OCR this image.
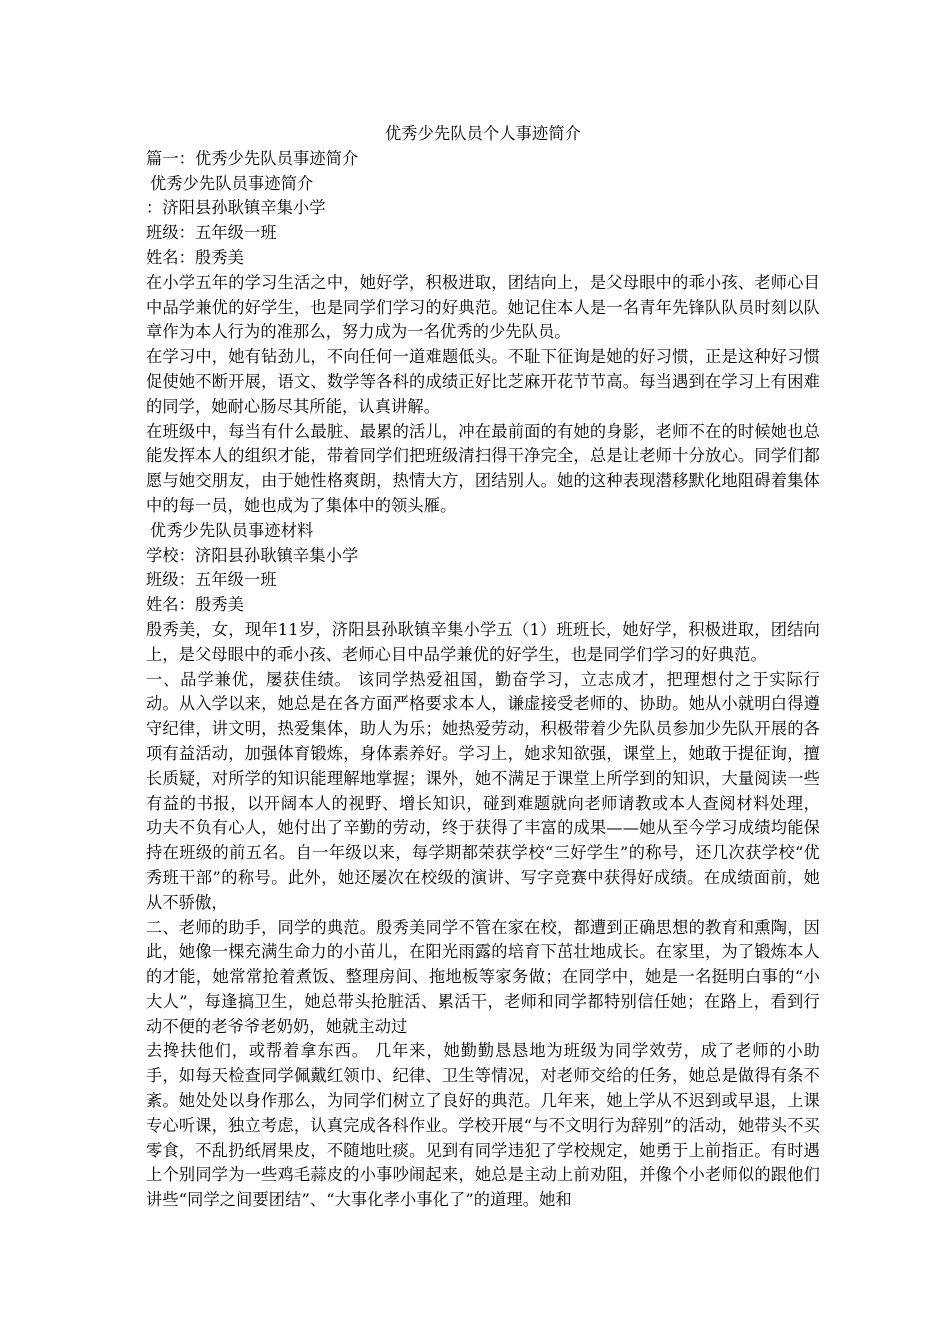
优秀少先队员个人事迹简介

篇一：优秀少先队员事迹简介

优秀少先队员事迹简介

：济阳县孙耿镇辛集小学

班级：五年级一班

姓名：殷秀美

在小学五年的学习生活之中，她好学，积极进取，团结向上，是父母眼中的乖小孩、老师心目中品学兼优的好学生，也是同学们学习的好典范。她记住本人是一名青年先锋队队员时刻以队章作为本人行为的准那么，努力成为一名优秀的少先队员。

在学习中，她有钻劲儿，不向任何一道难题低头。不耻下征询是她的好习惯，正是这种好习惯促使她不断开展，语文、数学等各科的成绩正好比芝麻开花节节高。每当遇到在学习上有困难的同学，她耐心肠尽其所能，认真讲解。

在班级中，每当有什么最脏、最累的活儿，冲在最前面的有她的身影，老师不在的时候她也总能发挥本人的组织才能，带着同学们把班级清扫得干净完全，总是让老师十分放心。同学们都愿与她交朋友，由于她性格爽朗，热情大方，团结别人。她的这种表现潜移默化地阻碍着集体中的每一员，她也成为了集体中的领头雁。

优秀少先队员事迹材料

学校：济阳县孙耿镇辛集小学

班级：五年级一班

姓名：殷秀美

殷秀美，女，现年11岁，济阳县孙耿镇辛集小学五（1）班班长，她好学，积极进取，团结向上，是父母眼中的乖小孩、老师心目中品学兼优的好学生，也是同学们学习的好典范。

一、品学兼优，屡获佳绩。 该同学热爱祖国，勤奋学习，立志成才，把理想付之于实际行动。从入学以来，她总是在各方面严格要求本人，谦虚接受老师的、协助。她从小就明白得遵守纪律，讲文明，热爱集体，助人为乐；她热爱劳动，积极带着少先队员参加少先队开展的各项有益活动，加强体育锻炼，身体素养好。学习上，她求知欲强，课堂上，她敢于提征询，擅长质疑，对所学的知识能理解地掌握；课外，她不满足于课堂上所学到的知识，大量阅读一些有益的书报，以开阔本人的视野、增长知识，碰到难题就向老师请教或本人查阅材料处理， 功夫不负有心人，她付出了辛勤的劳动，终于获得了丰富的成果——她从至今学习成绩均能保持在班级的前五名。自一年级以来，每学期都荣获学校“三好学生”的称号，还几次获学校“优秀班干部”的称号。此外，她还屡次在校级的演讲、写字竞赛中获得好成绩。在成绩面前，她从不骄傲，

二、老师的助手，同学的典范。殷秀美同学不管在家在校，都遭到正确思想的教育和熏陶，因此，她像一棵充满生命力的小苗儿，在阳光雨露的培育下茁壮地成长。在家里，为了锻炼本人的才能，她常常抢着煮饭、整理房间、拖地板等家务做；在同学中，她是一名挺明白事的“小大人”，每逢搞卫生，她总带头抢脏活、累活干，老师和同学都特别信任她；在路上，看到行动不便的老爷爷老奶奶，她就主动过

去搀扶他们，或帮着拿东西。 几年来，她勤勤恳恳地为班级为同学效劳，成了老师的小助手，如每天检查同学佩戴红领巾、纪律、卫生等情况，对老师交给的任务，她总是做得有条不紊。她处处以身作那么，为同学们树立了良好的典范。几年来，她上学从不迟到或早退，上课专心听课，独立考虑，认真完成各科作业。学校开展“与不文明行为辞别”的活动，她带头不买零食，不乱扔纸屑果皮，不随地吐痰。见到有同学违犯了学校规定，她勇于上前指正。有时遇上个别同学为一些鸡毛蒜皮的小事吵闹起来，她总是主动上前劝阻，并像个小老师似的跟他们讲些“同学之间要团结”、“大事化孝小事化了”的道理。她和
